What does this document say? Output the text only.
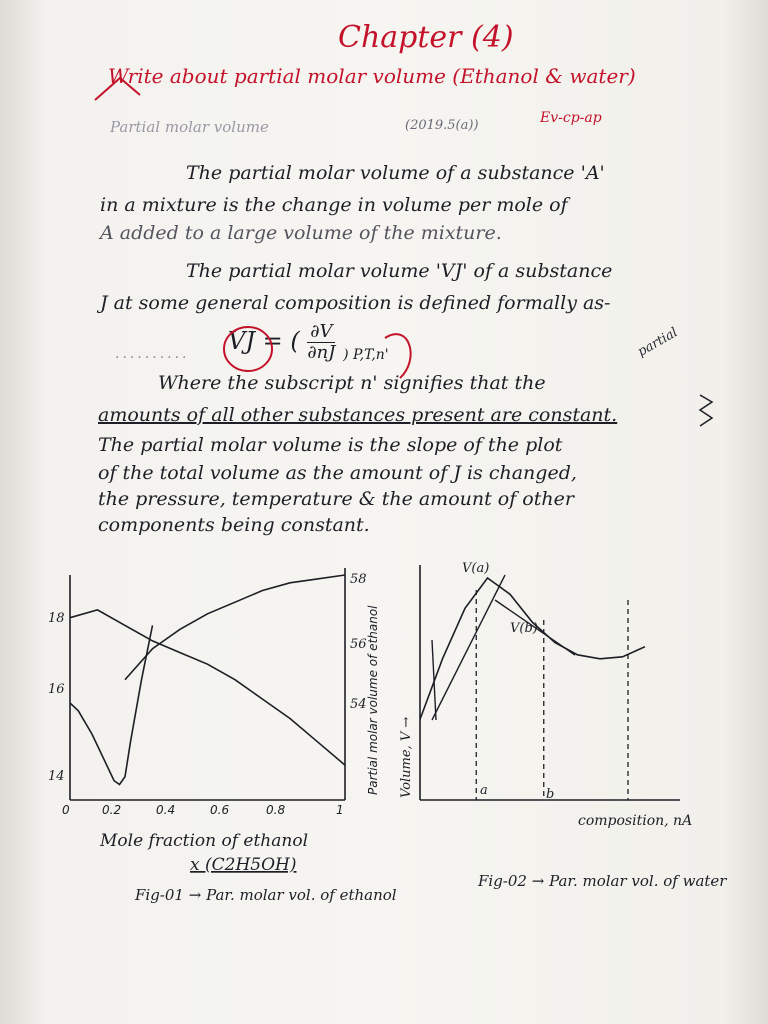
Chapter (4)
Write about partial molar volume (Ethanol & water)
Ev-cp-ap
Partial molar volume	(2019.5(a))
The partial molar volume of a substance 'A'
in a mixture is the change in volume per mole of
A added to a large volume of the mixture.
The partial molar volume 'VJ' of a substance
J at some general composition is defined formally as-
.......... VJ = ( $\frac{\partial V}{\partial nJ} _{) P,T,n'}$	partial
Where the subscript n' signifies that the
amounts of all other substances present are constant.
The partial molar volume is the slope of the plot
of the total volume as the amount of J is changed,
the pressure, temperature & the amount of other
components being constant.
18
16
14
58
56
54
0	0.2	0.4	0.6	0.8	1
Partial molar volume of ethanol
Mole fraction of ethanol
x (C2H5OH)
Fig-01 → Par. molar vol. of ethanol
V(a)
V(b)
a	b
Volume, V →
composition, nA
Fig-02 → Par. molar vol. of water
